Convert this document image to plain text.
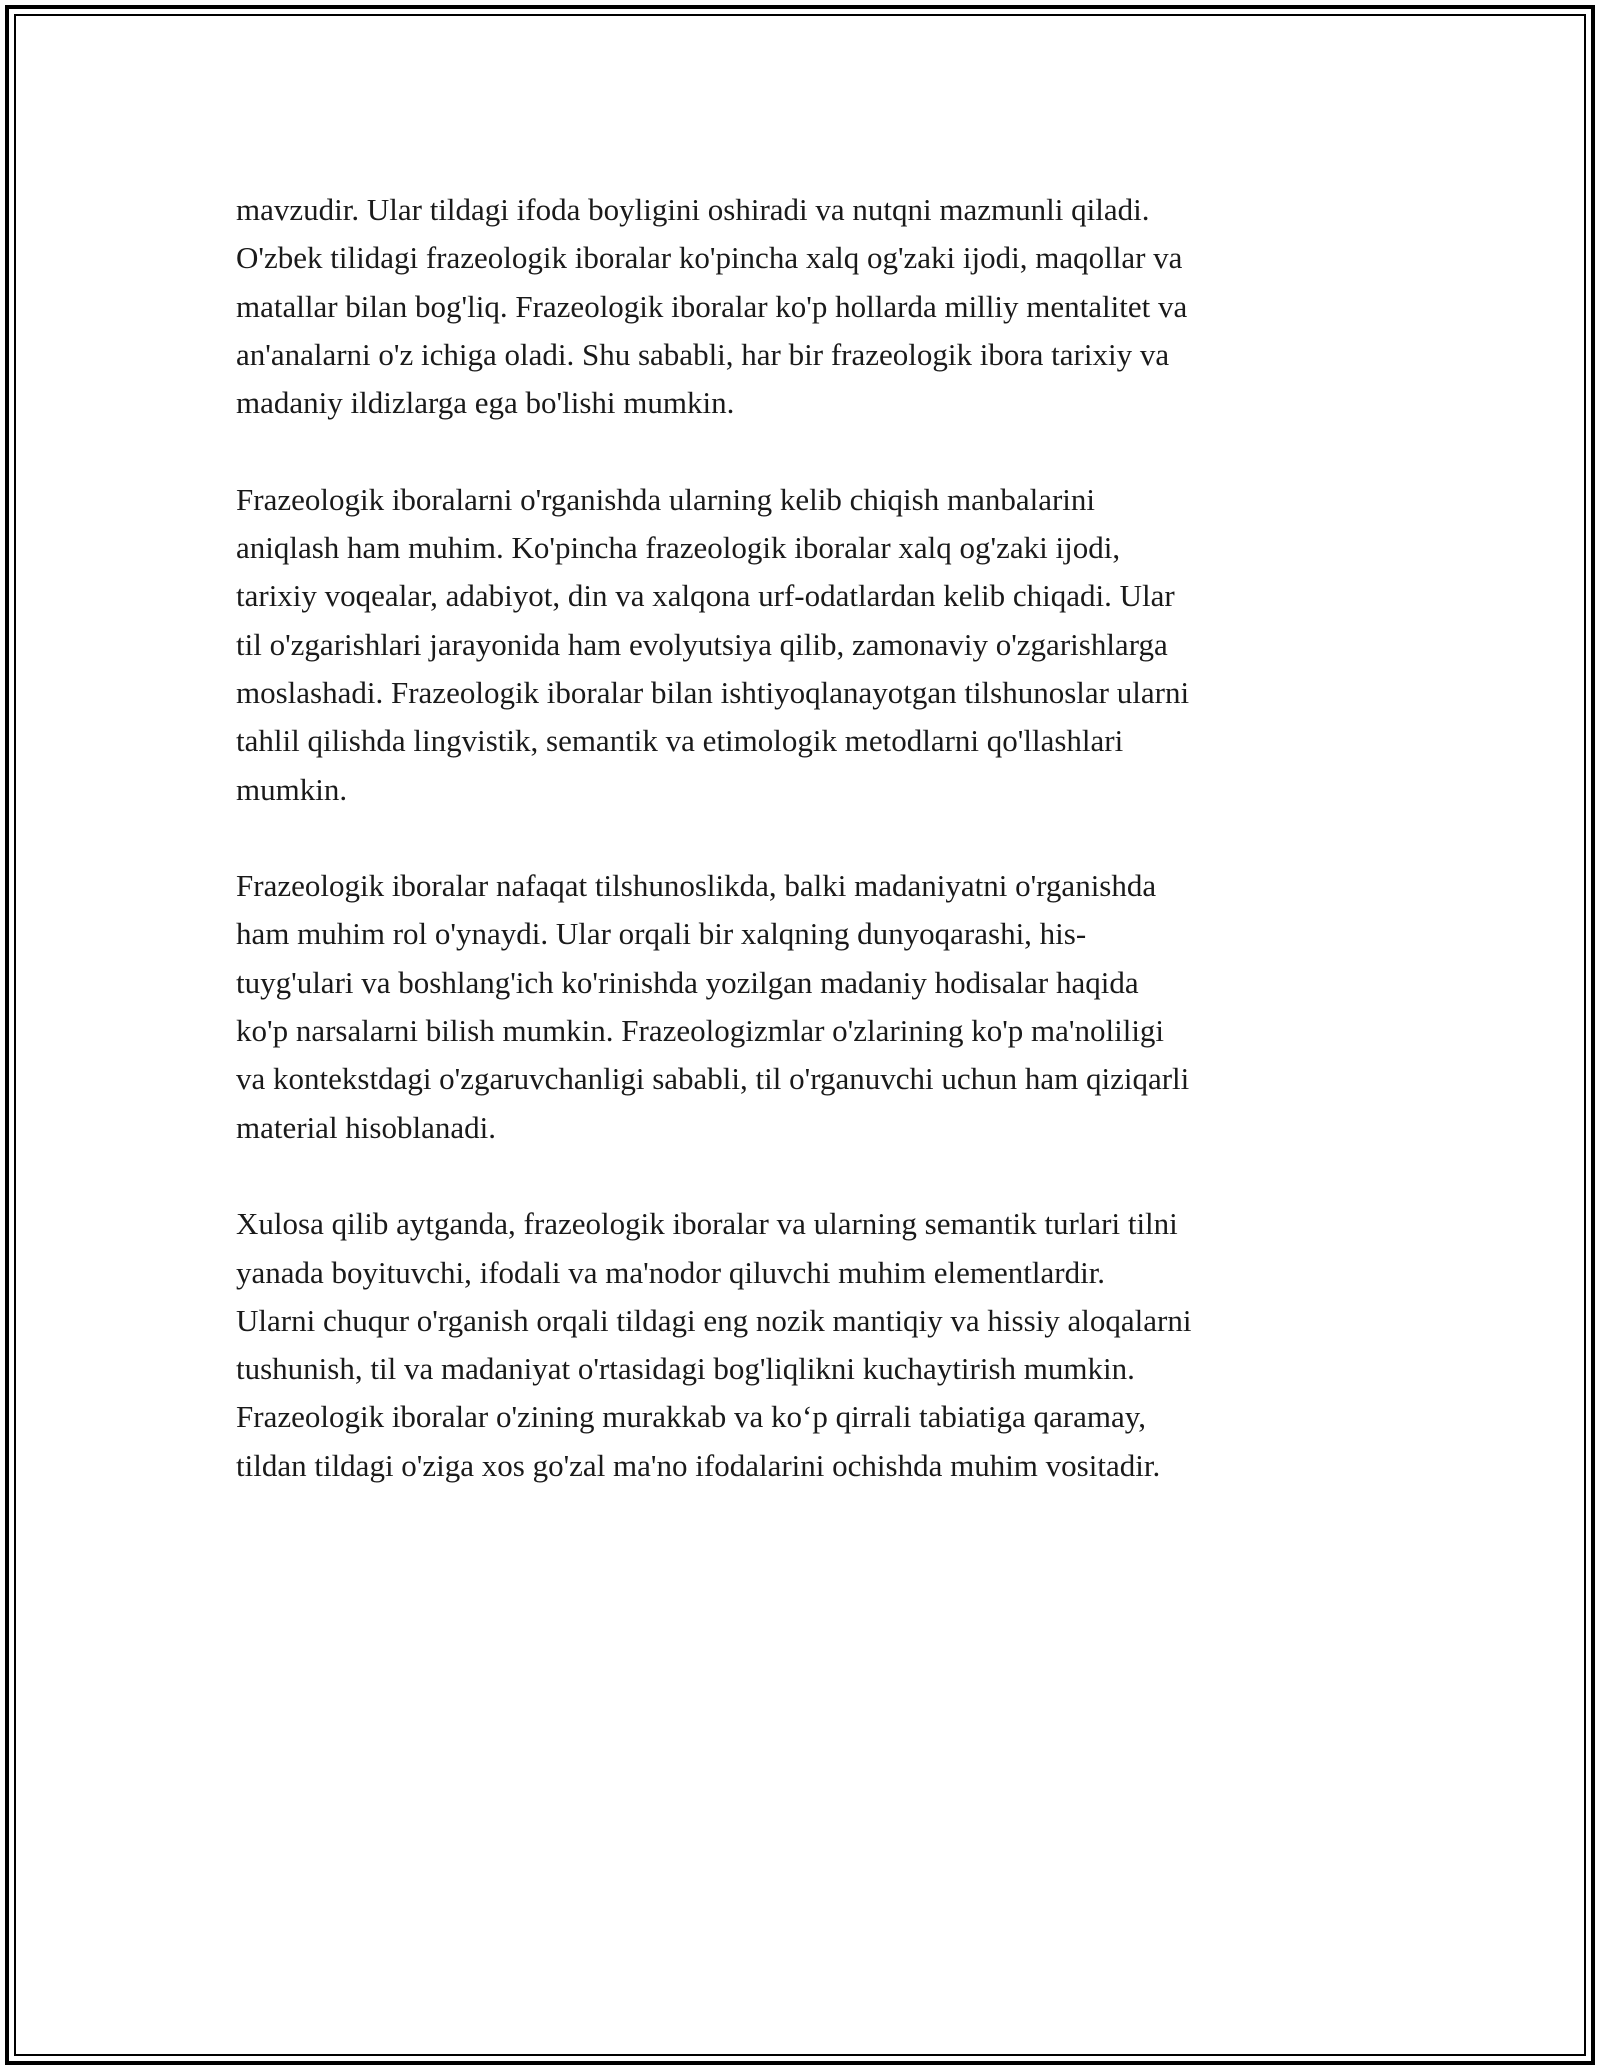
mavzudir. Ular tildagi ifoda boyligini oshiradi va nutqni mazmunli qiladi.
O'zbek tilidagi frazeologik iboralar ko'pincha xalq og'zaki ijodi, maqollar va
matallar bilan bog'liq. Frazeologik iboralar ko'p hollarda milliy mentalitet va
an'analarni o'z ichiga oladi. Shu sababli, har bir frazeologik ibora tarixiy va
madaniy ildizlarga ega bo'lishi mumkin.

Frazeologik iboralarni o'rganishda ularning kelib chiqish manbalarini
aniqlash ham muhim. Ko'pincha frazeologik iboralar xalq og'zaki ijodi,
tarixiy voqealar, adabiyot, din va xalqona urf-odatlardan kelib chiqadi. Ular
til o'zgarishlari jarayonida ham evolyutsiya qilib, zamonaviy o'zgarishlarga
moslashadi. Frazeologik iboralar bilan ishtiyoqlanayotgan tilshunoslar ularni
tahlil qilishda lingvistik, semantik va etimologik metodlarni qo'llashlari
mumkin.

Frazeologik iboralar nafaqat tilshunoslikda, balki madaniyatni o'rganishda
ham muhim rol o'ynaydi. Ular orqali bir xalqning dunyoqarashi, his-
tuyg'ulari va boshlang'ich ko'rinishda yozilgan madaniy hodisalar haqida
ko'p narsalarni bilish mumkin. Frazeologizmlar o'zlarining ko'p ma'noliligi
va kontekstdagi o'zgaruvchanligi sababli, til o'rganuvchi uchun ham qiziqarli
material hisoblanadi.

Xulosa qilib aytganda, frazeologik iboralar va ularning semantik turlari tilni
yanada boyituvchi, ifodali va ma'nodor qiluvchi muhim elementlardir.
Ularni chuqur o'rganish orqali tildagi eng nozik mantiqiy va hissiy aloqalarni
tushunish, til va madaniyat o'rtasidagi bog'liqlikni kuchaytirish mumkin.
Frazeologik iboralar o'zining murakkab va ko‘p qirrali tabiatiga qaramay,
tildan tildagi o'ziga xos go'zal ma'no ifodalarini ochishda muhim vositadir.
